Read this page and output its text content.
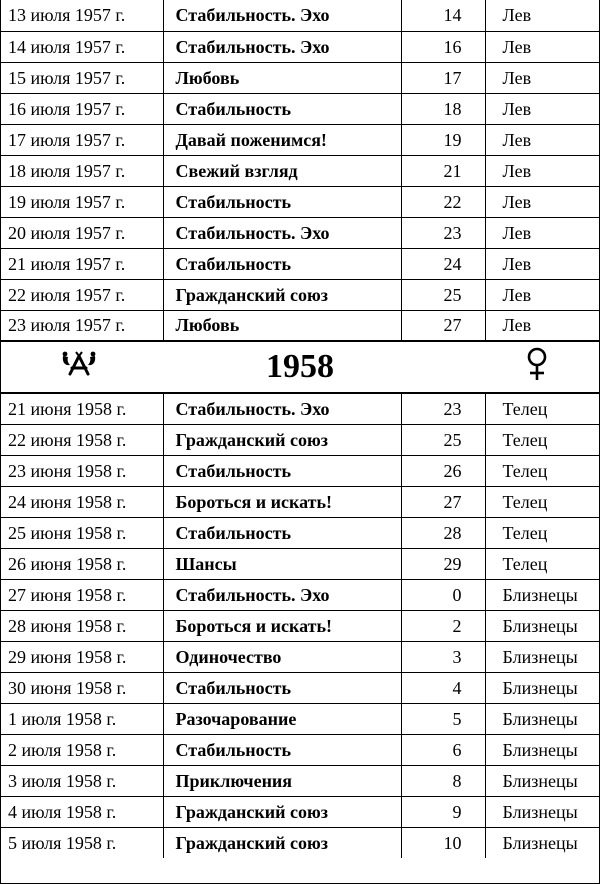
13 июля 1957 г.	Стабильность. Эхо	14	Лев
14 июля 1957 г.	Стабильность. Эхо	16	Лев
15 июля 1957 г.	Любовь	17	Лев
16 июля 1957 г.	Стабильность	18	Лев
17 июля 1957 г.	Давай поженимся!	19	Лев
18 июля 1957 г.	Свежий взгляд	21	Лев
19 июля 1957 г.	Стабильность	22	Лев
20 июля 1957 г.	Стабильность. Эхо	23	Лев
21 июля 1957 г.	Стабильность	24	Лев
22 июля 1957 г.	Гражданский союз	25	Лев
23 июля 1957 г.	Любовь	27	Лев

1958			

21 июня 1958 г.	Стабильность. Эхо	23	Телец
22 июня 1958 г.	Гражданский союз	25	Телец
23 июня 1958 г.	Стабильность	26	Телец
24 июня 1958 г.	Бороться и искать!	27	Телец
25 июня 1958 г.	Стабильность	28	Телец
26 июня 1958 г.	Шансы	29	Телец
27 июня 1958 г.	Стабильность. Эхо	0	Близнецы
28 июня 1958 г.	Бороться и искать!	2	Близнецы
29 июня 1958 г.	Одиночество	3	Близнецы
30 июня 1958 г.	Стабильность	4	Близнецы
1 июля 1958 г.	Разочарование	5	Близнецы
2 июля 1958 г.	Стабильность	6	Близнецы
3 июля 1958 г.	Приключения	8	Близнецы
4 июля 1958 г.	Гражданский союз	9	Близнецы
5 июля 1958 г.	Гражданский союз	10	Близнецы
